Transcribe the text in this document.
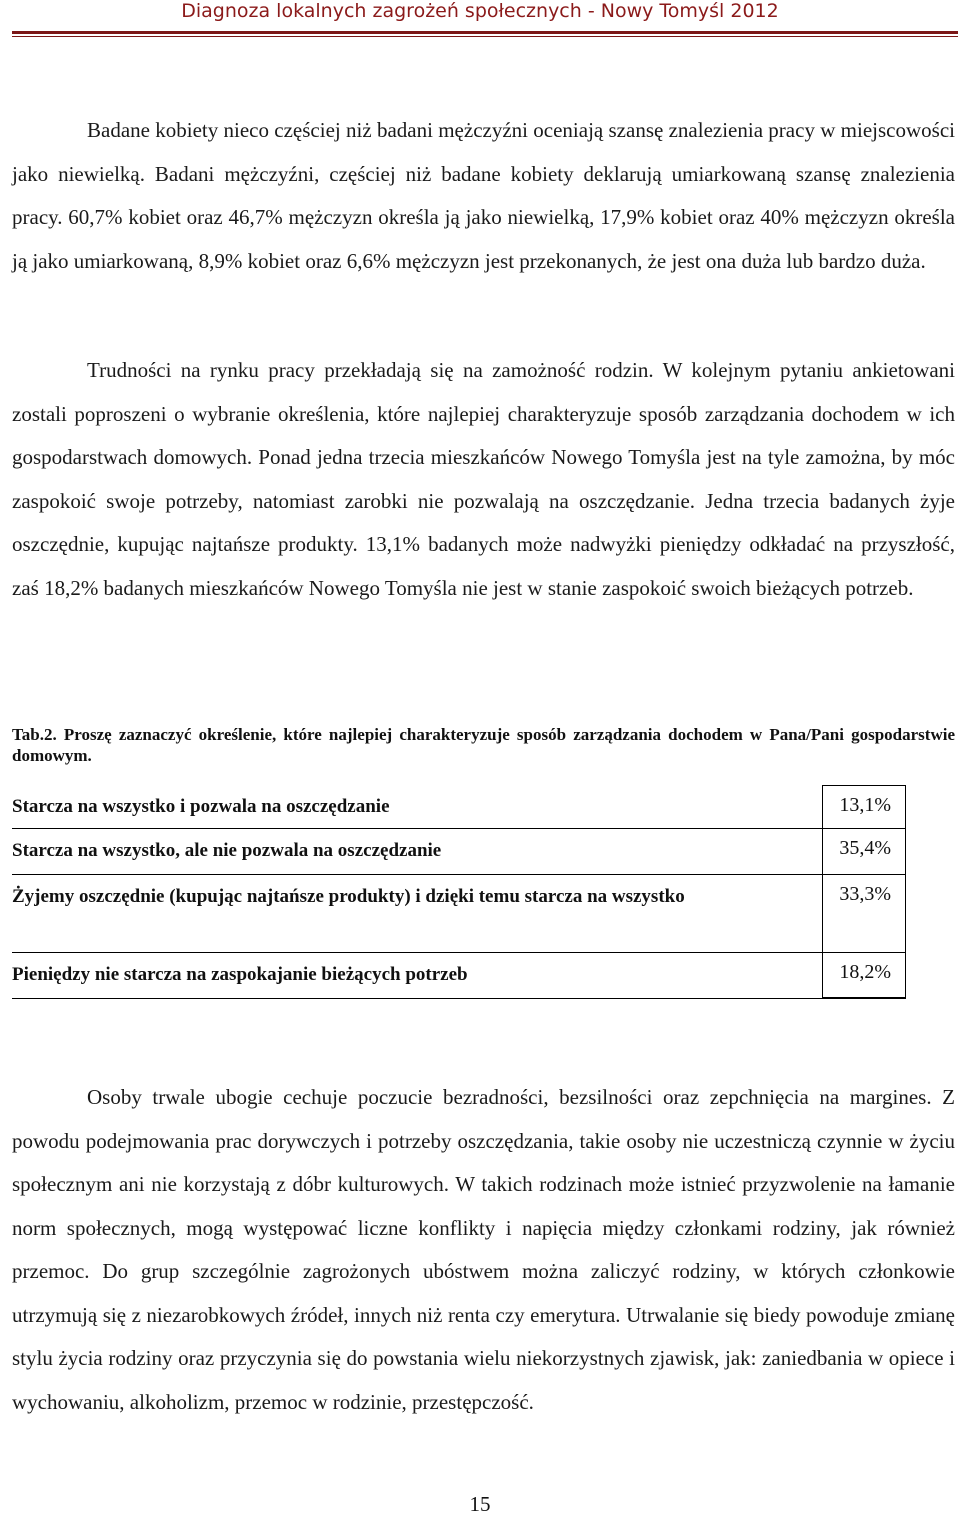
Diagnoza lokalnych zagrożeń społecznych - Nowy Tomyśl 2012

Badane kobiety nieco częściej niż badani mężczyźni oceniają szansę znalezienia pracy w miejscowości jako niewielką. Badani mężczyźni, częściej niż badane kobiety deklarują umiarkowaną szansę znalezienia pracy. 60,7% kobiet oraz 46,7% mężczyzn określa ją jako niewielką, 17,9% kobiet oraz 40% mężczyzn określa ją jako umiarkowaną, 8,9% kobiet oraz 6,6% mężczyzn jest przekonanych, że jest ona duża lub bardzo duża.

Trudności na rynku pracy przekładają się na zamożność rodzin. W kolejnym pytaniu ankietowani zostali poproszeni o wybranie określenia, które najlepiej charakteryzuje sposób zarządzania dochodem w ich gospodarstwach domowych. Ponad jedna trzecia mieszkańców Nowego Tomyśla jest na tyle zamożna, by móc zaspokoić swoje potrzeby, natomiast zarobki nie pozwalają na oszczędzanie. Jedna trzecia badanych żyje oszczędnie, kupując najtańsze produkty. 13,1% badanych może nadwyżki pieniędzy odkładać na przyszłość, zaś 18,2% badanych mieszkańców Nowego Tomyśla nie jest w stanie zaspokoić swoich bieżących potrzeb.

Tab.2. Proszę zaznaczyć określenie, które najlepiej charakteryzuje sposób zarządzania dochodem w Pana/Pani gospodarstwie domowym.

Starcza na wszystko i pozwala na oszczędzanie	13,1%
Starcza na wszystko, ale nie pozwala na oszczędzanie	35,4%
Żyjemy oszczędnie (kupując najtańsze produkty) i dzięki temu starcza na wszystko	33,3%
Pieniędzy nie starcza na zaspokajanie bieżących potrzeb	18,2%

Osoby trwale ubogie cechuje poczucie bezradności, bezsilności oraz zepchnięcia na margines. Z powodu podejmowania prac dorywczych i potrzeby oszczędzania, takie osoby nie uczestniczą czynnie w życiu społecznym ani nie korzystają z dóbr kulturowych. W takich rodzinach może istnieć przyzwolenie na łamanie norm społecznych, mogą występować liczne konflikty i napięcia między członkami rodziny, jak również przemoc. Do grup szczególnie zagrożonych ubóstwem można zaliczyć rodziny, w których członkowie utrzymują się z niezarobkowych źródeł, innych niż renta czy emerytura. Utrwalanie się biedy powoduje zmianę stylu życia rodziny oraz przyczynia się do powstania wielu niekorzystnych zjawisk, jak: zaniedbania w opiece i wychowaniu, alkoholizm, przemoc w rodzinie, przestępczość.

15
